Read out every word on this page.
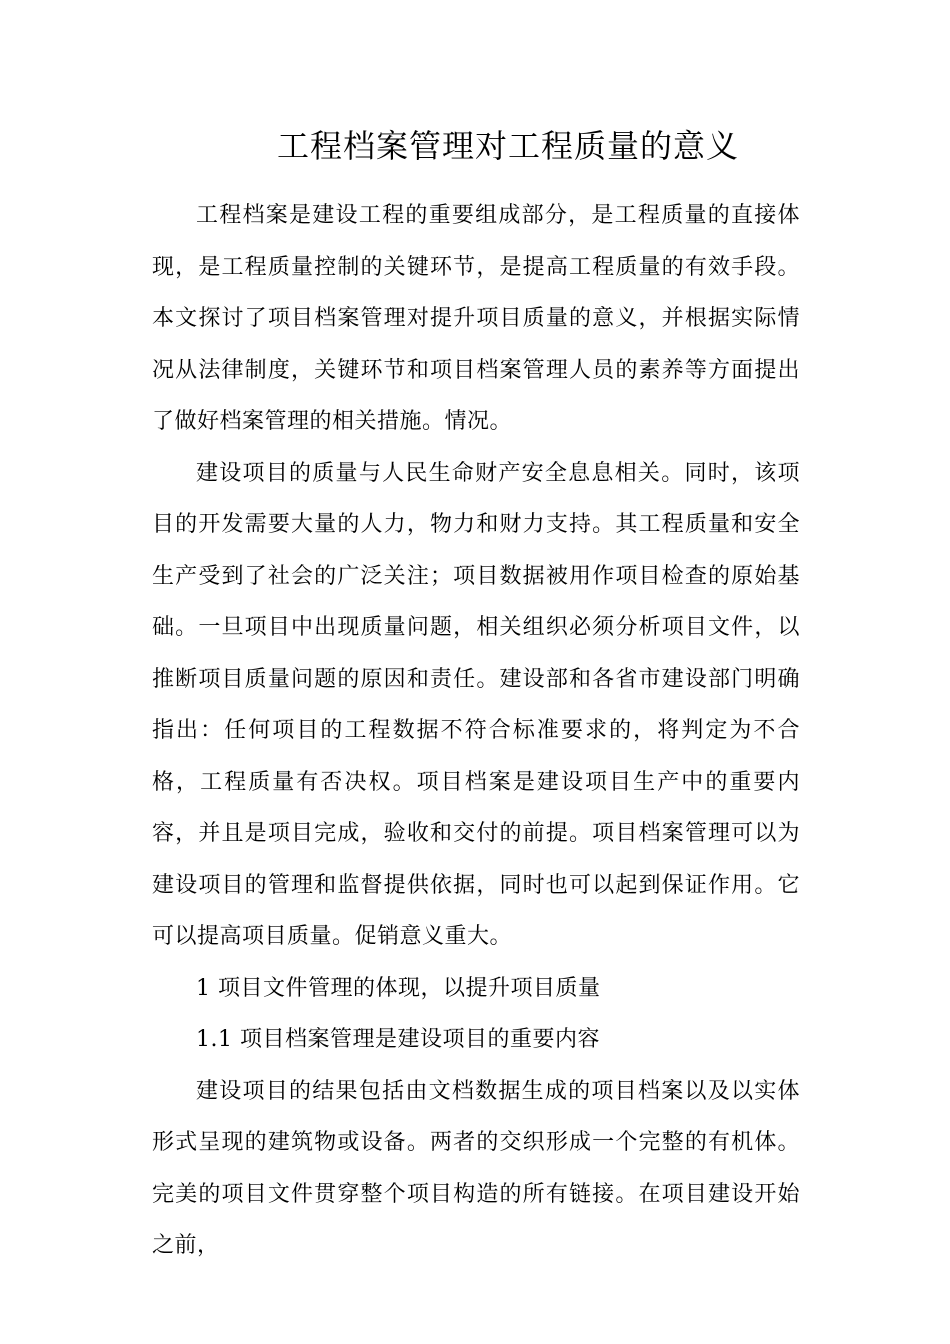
工程档案管理对工程质量的意义

工程档案是建设工程的重要组成部分，是工程质量的直接体现，是工程质量控制的关键环节，是提高工程质量的有效手段。本文探讨了项目档案管理对提升项目质量的意义，并根据实际情况从法律制度，关键环节和项目档案管理人员的素养等方面提出了做好档案管理的相关措施。情况。

建设项目的质量与人民生命财产安全息息相关。同时，该项目的开发需要大量的人力，物力和财力支持。其工程质量和安全生产受到了社会的广泛关注；项目数据被用作项目检查的原始基础。一旦项目中出现质量问题，相关组织必须分析项目文件，以推断项目质量问题的原因和责任。建设部和各省市建设部门明确指出：任何项目的工程数据不符合标准要求的，将判定为不合格，工程质量有否决权。项目档案是建设项目生产中的重要内容，并且是项目完成，验收和交付的前提。项目档案管理可以为建设项目的管理和监督提供依据，同时也可以起到保证作用。它可以提高项目质量。促销意义重大。

1 项目文件管理的体现，以提升项目质量

1.1 项目档案管理是建设项目的重要内容

建设项目的结果包括由文档数据生成的项目档案以及以实体形式呈现的建筑物或设备。两者的交织形成一个完整的有机体。完美的项目文件贯穿整个项目构造的所有链接。在项目建设开始之前，
